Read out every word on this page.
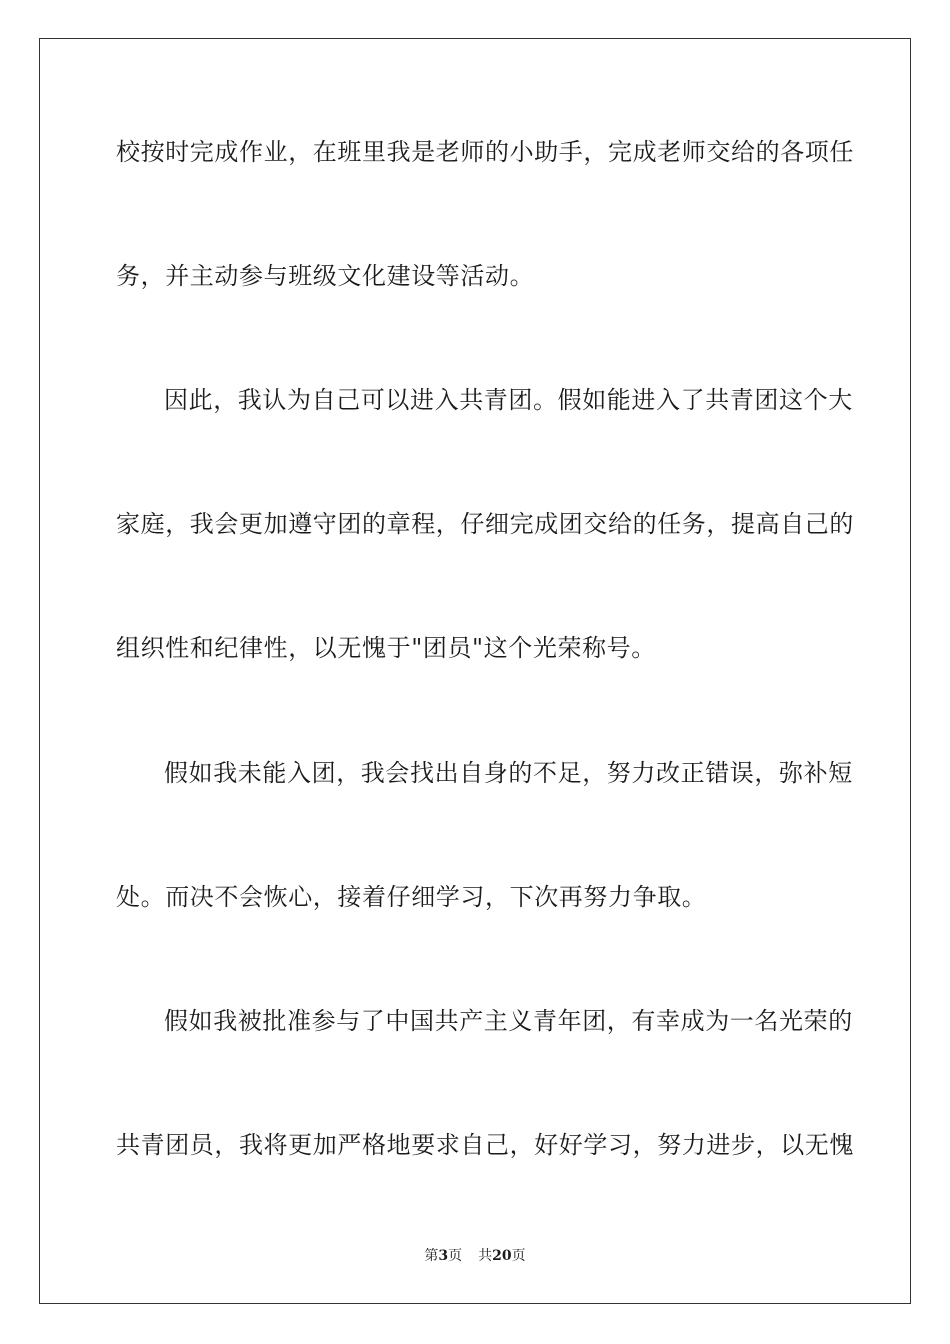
校按时完成作业，在班里我是老师的小助手，完成老师交给的各项任

务，并主动参与班级文化建设等活动。

因此，我认为自己可以进入共青团。假如能进入了共青团这个大

家庭，我会更加遵守团的章程，仔细完成团交给的任务，提高自己的

组织性和纪律性，以无愧于"团员"这个光荣称号。

假如我未能入团，我会找出自身的不足，努力改正错误，弥补短

处。而决不会恢心，接着仔细学习，下次再努力争取。

假如我被批准参与了中国共产主义青年团，有幸成为一名光荣的

共青团员，我将更加严格地要求自己，好好学习，努力进步，以无愧

第3页 共20页
